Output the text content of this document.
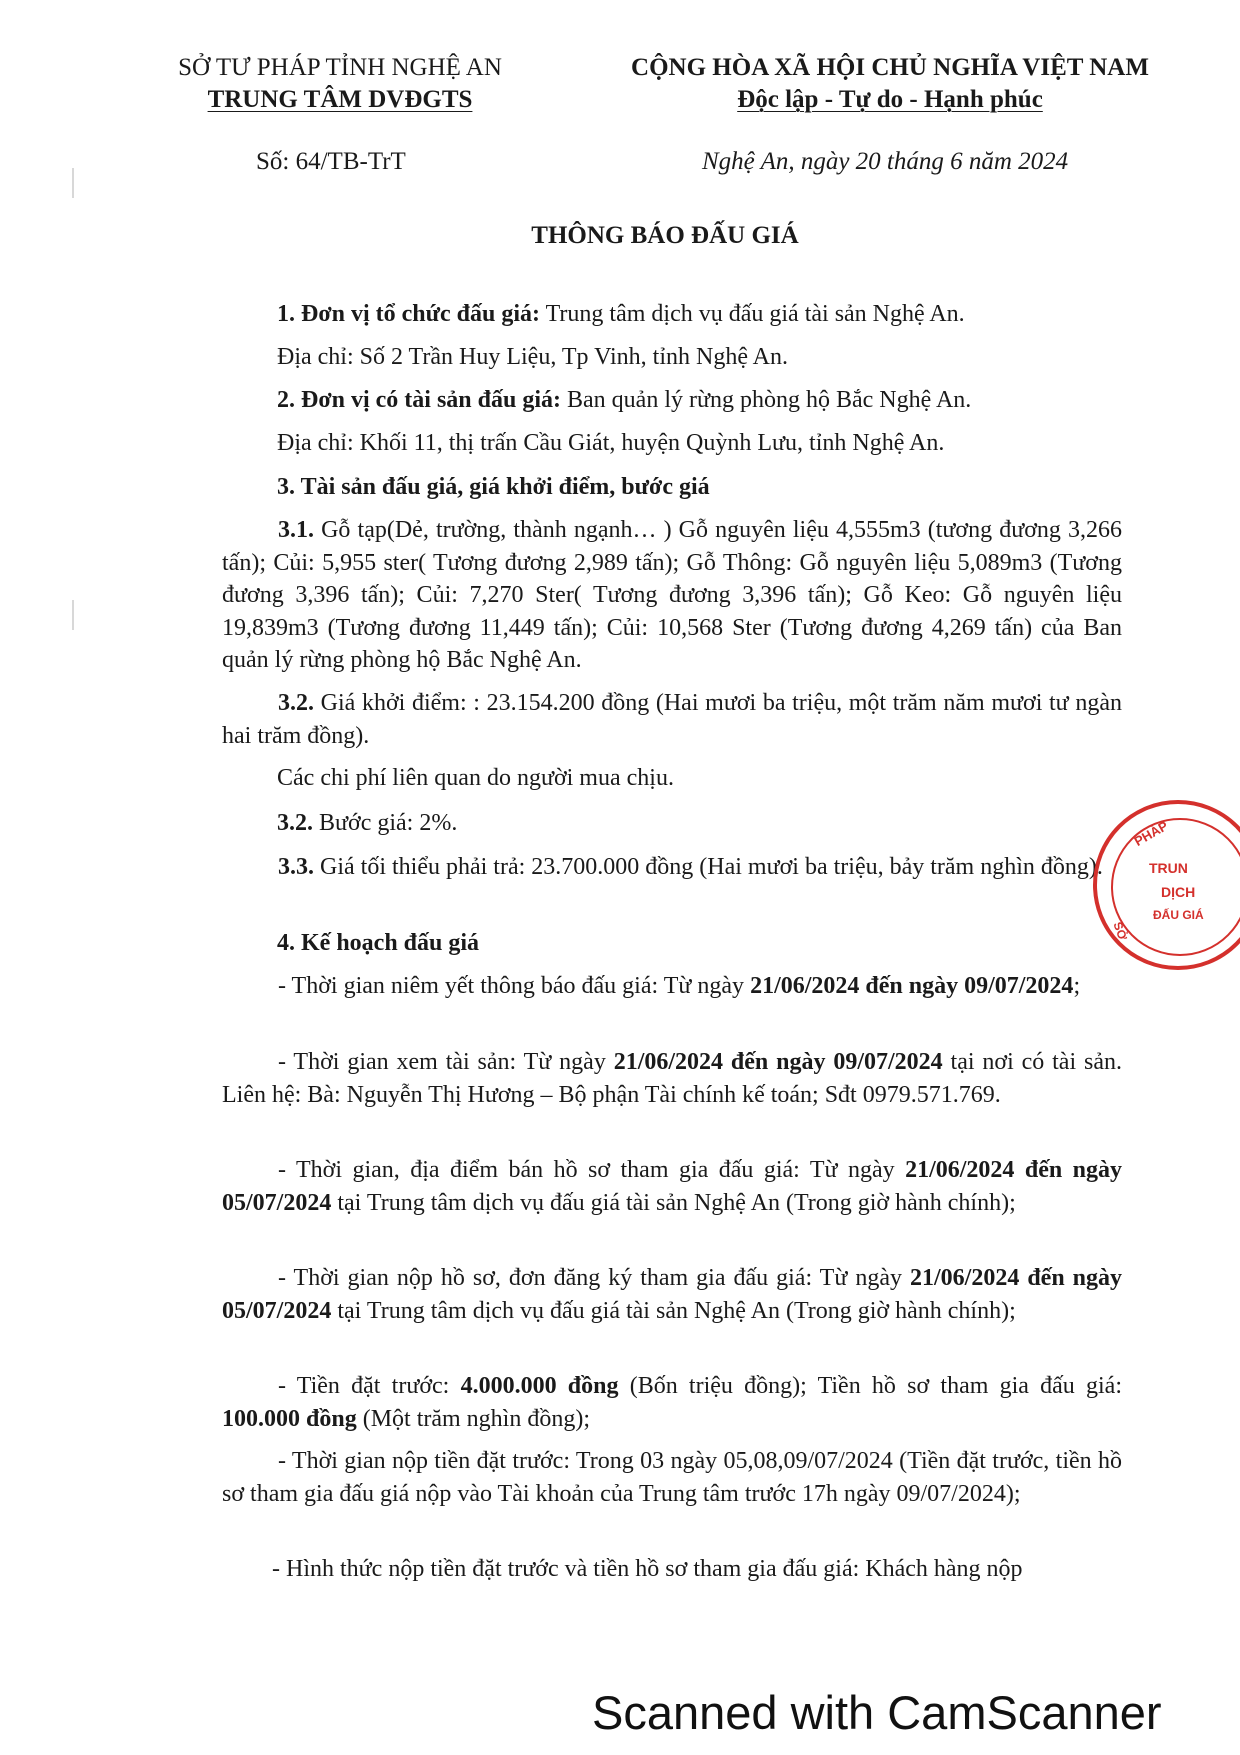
SỞ TƯ PHÁP TỈNH NGHỆ AN
TRUNG TÂM DVĐGTS
CỘNG HÒA XÃ HỘI CHỦ NGHĨA VIỆT NAM
Độc lập - Tự do - Hạnh phúc
Số: 64/TB-TrT	Nghệ An, ngày 20 tháng 6 năm 2024
THÔNG BÁO ĐẤU GIÁ
1. Đơn vị tổ chức đấu giá: Trung tâm dịch vụ đấu giá tài sản Nghệ An.
Địa chỉ: Số 2 Trần Huy Liệu, Tp Vinh, tỉnh Nghệ An.
2. Đơn vị có tài sản đấu giá: Ban quản lý rừng phòng hộ Bắc Nghệ An.
Địa chỉ: Khối 11, thị trấn Cầu Giát, huyện Quỳnh Lưu, tỉnh Nghệ An.
3. Tài sản đấu giá, giá khởi điểm, bước giá
3.1. Gỗ tạp(Dẻ, trường, thành ngạnh… ) Gỗ nguyên liệu 4,555m3 (tương đương 3,266 tấn); Củi: 5,955 ster( Tương đương 2,989 tấn); Gỗ Thông: Gỗ nguyên liệu 5,089m3 (Tương đương 3,396 tấn); Củi: 7,270 Ster( Tương đương 3,396 tấn); Gỗ Keo: Gỗ nguyên liệu 19,839m3 (Tương đương 11,449 tấn); Củi: 10,568 Ster (Tương đương 4,269 tấn) của Ban quản lý rừng phòng hộ Bắc Nghệ An.
3.2. Giá khởi điểm: : 23.154.200 đồng (Hai mươi ba triệu, một trăm năm mươi tư ngàn hai trăm đồng).
Các chi phí liên quan do người mua chịu.
3.2. Bước giá: 2%.
3.3. Giá tối thiểu phải trả: 23.700.000 đồng (Hai mươi ba triệu, bảy trăm nghìn đồng).
4. Kế hoạch đấu giá
- Thời gian niêm yết thông báo đấu giá: Từ ngày 21/06/2024 đến ngày 09/07/2024;
- Thời gian xem tài sản: Từ ngày 21/06/2024 đến ngày 09/07/2024 tại nơi có tài sản. Liên hệ: Bà: Nguyễn Thị Hương – Bộ phận Tài chính kế toán; Sđt 0979.571.769.
- Thời gian, địa điểm bán hồ sơ tham gia đấu giá: Từ ngày 21/06/2024 đến ngày 05/07/2024 tại Trung tâm dịch vụ đấu giá tài sản Nghệ An (Trong giờ hành chính);
- Thời gian nộp hồ sơ, đơn đăng ký tham gia đấu giá: Từ ngày 21/06/2024 đến ngày 05/07/2024 tại Trung tâm dịch vụ đấu giá tài sản Nghệ An (Trong giờ hành chính);
- Tiền đặt trước: 4.000.000 đồng (Bốn triệu đồng); Tiền hồ sơ tham gia đấu giá: 100.000 đồng (Một trăm nghìn đồng);
- Thời gian nộp tiền đặt trước: Trong 03 ngày 05,08,09/07/2024 (Tiền đặt trước, tiền hồ sơ tham gia đấu giá nộp vào Tài khoản của Trung tâm trước 17h ngày 09/07/2024);
- Hình thức nộp tiền đặt trước và tiền hồ sơ tham gia đấu giá: Khách hàng nộp
PHÁP
TRUN
DỊCH
ĐẤU GIÁ
SỞ
Scanned with CamScanner
